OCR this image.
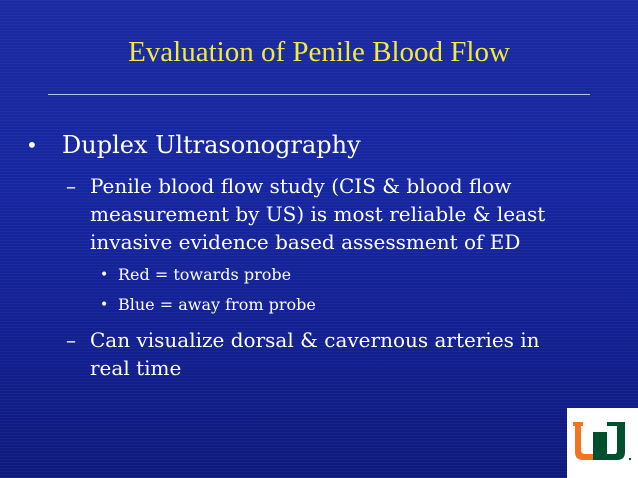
Evaluation of Penile Blood Flow
• Duplex Ultrasonography
– Penile blood flow study (CIS & blood flow
measurement by US) is most reliable & least
invasive evidence based assessment of ED
• Red = towards probe
• Blue = away from probe
– Can visualize dorsal & cavernous arteries in
real time
